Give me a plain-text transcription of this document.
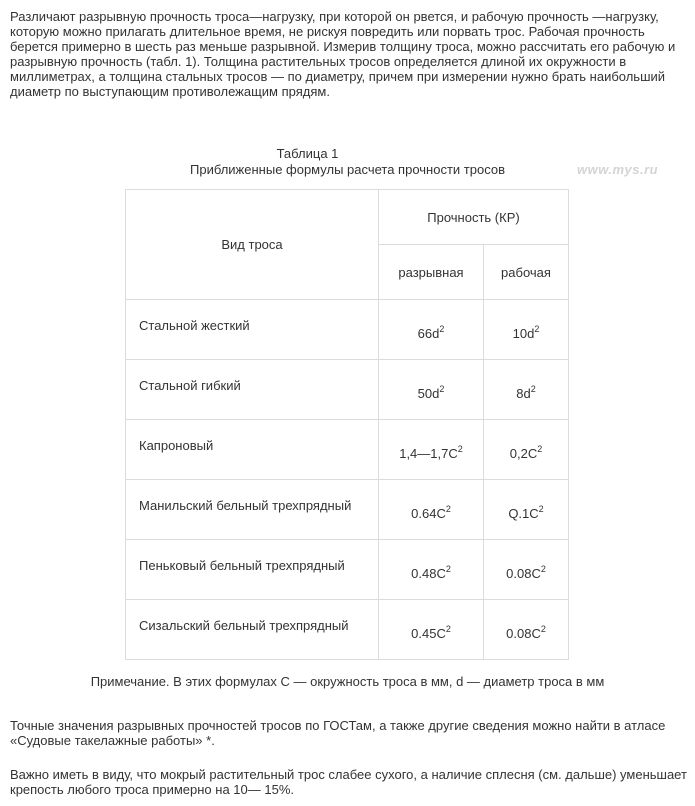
Различают разрывную прочность троса—нагрузку, при которой он рвется, и рабочую прочность —нагрузку, которую можно прилагать длительное время, не рискуя повредить или порвать трос. Рабочая прочность берется примерно в шесть раз меньше разрывной. Измерив толщину троса, можно рассчитать его рабочую и разрывную прочность (табл. 1). Толщина растительных тросов определяется длиной их окружности в миллиметрах, а толщина стальных тросов — по диаметру, причем при измерении нужно брать наибольший диаметр по выступающим противолежащим прядям.

Таблица 1

Приближенные формулы расчета прочности тросов	www.mys.ru
Вид троса	Прочность (КР)	
	разрывная	рабочая
Стальной жесткий	$66d^2$	$10d^2$
Стальной гибкий	$50d^2$	$8d^2$
Капроновый	$1,4—1,7С^2$	$0,2С^2$
Манильский бельный трехпрядный	$0.64С^2$	$Q.1С^2$
Пеньковый бельный трехпрядный	$0.48С^2$	$0.08С^2$
Сизальский бельный трехпрядный	$0.45С^2$	$0.08С^2$

Примечание. В этих формулах С — окружность троса в мм, d — диаметр троса в мм

Точные значения разрывных прочностей тросов по ГОСТам, а также другие сведения можно найти в атласе «Судовые такелажные работы» *.

Важно иметь в виду, что мокрый растительный трос слабее сухого, а наличие сплесня (см. дальше) уменьшает крепость любого троса примерно на 10— 15%.
